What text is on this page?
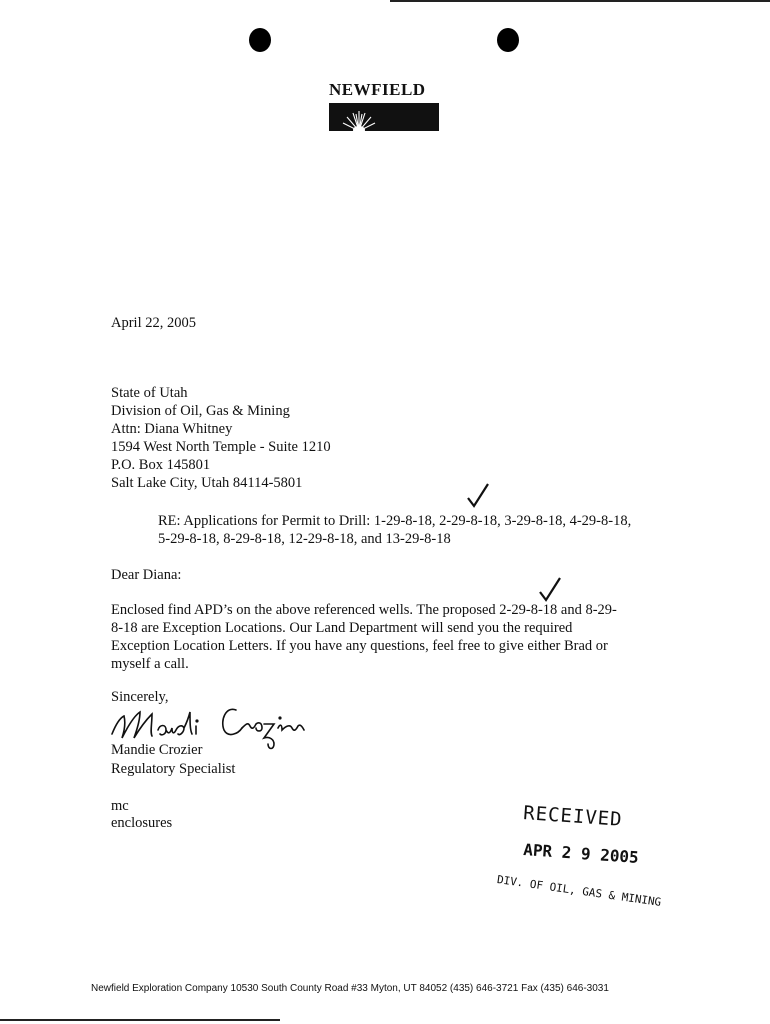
NEWFIELD
April 22, 2005
State of Utah
Division of Oil, Gas & Mining
Attn: Diana Whitney
1594 West North Temple - Suite 1210
P.O. Box 145801
Salt Lake City, Utah 84114-5801
RE: Applications for Permit to Drill: 1-29-8-18, 2-29-8-18, 3-29-8-18, 4-29-8-18,
5-29-8-18, 8-29-8-18, 12-29-8-18, and 13-29-8-18
Dear Diana:
Enclosed find APD’s on the above referenced wells. The proposed 2-29-8-18 and 8-29-
8-18 are Exception Locations. Our Land Department will send you the required
Exception Location Letters. If you have any questions, feel free to give either Brad or
myself a call.
Sincerely,
Mandie Crozier
Regulatory Specialist
mc
enclosures	RECEIVED
APR 2 9 2005
DIV. OF OIL, GAS & MINING
Newfield Exploration Company 10530 South County Road #33 Myton, UT 84052 (435) 646-3721 Fax (435) 646-3031
